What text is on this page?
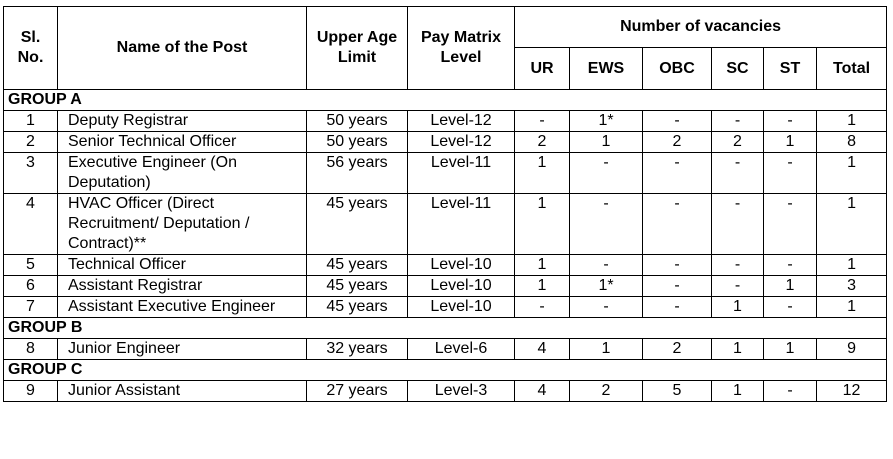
Sl. No.	Name of the Post	Upper Age Limit	Pay Matrix Level	Number of vacancies					
				UR	EWS	OBC	SC	ST	Total
GROUP A									
1	Deputy Registrar	50 years	Level-12	-	1*	-	-	-	1
2	Senior Technical Officer	50 years	Level-12	2	1	2	2	1	8
3	Executive Engineer (On Deputation)	56 years	Level-11	1	-	-	-	-	1
4	HVAC Officer (Direct Recruitment/ Deputation / Contract)**	45 years	Level-11	1	-	-	-	-	1
5	Technical Officer	45 years	Level-10	1	-	-	-	-	1
6	Assistant Registrar	45 years	Level-10	1	1*	-	-	1	3
7	Assistant Executive Engineer	45 years	Level-10	-	-	-	1	-	1
GROUP B									
8	Junior Engineer	32 years	Level-6	4	1	2	1	1	9
GROUP C									
9	Junior Assistant	27 years	Level-3	4	2	5	1	-	12
